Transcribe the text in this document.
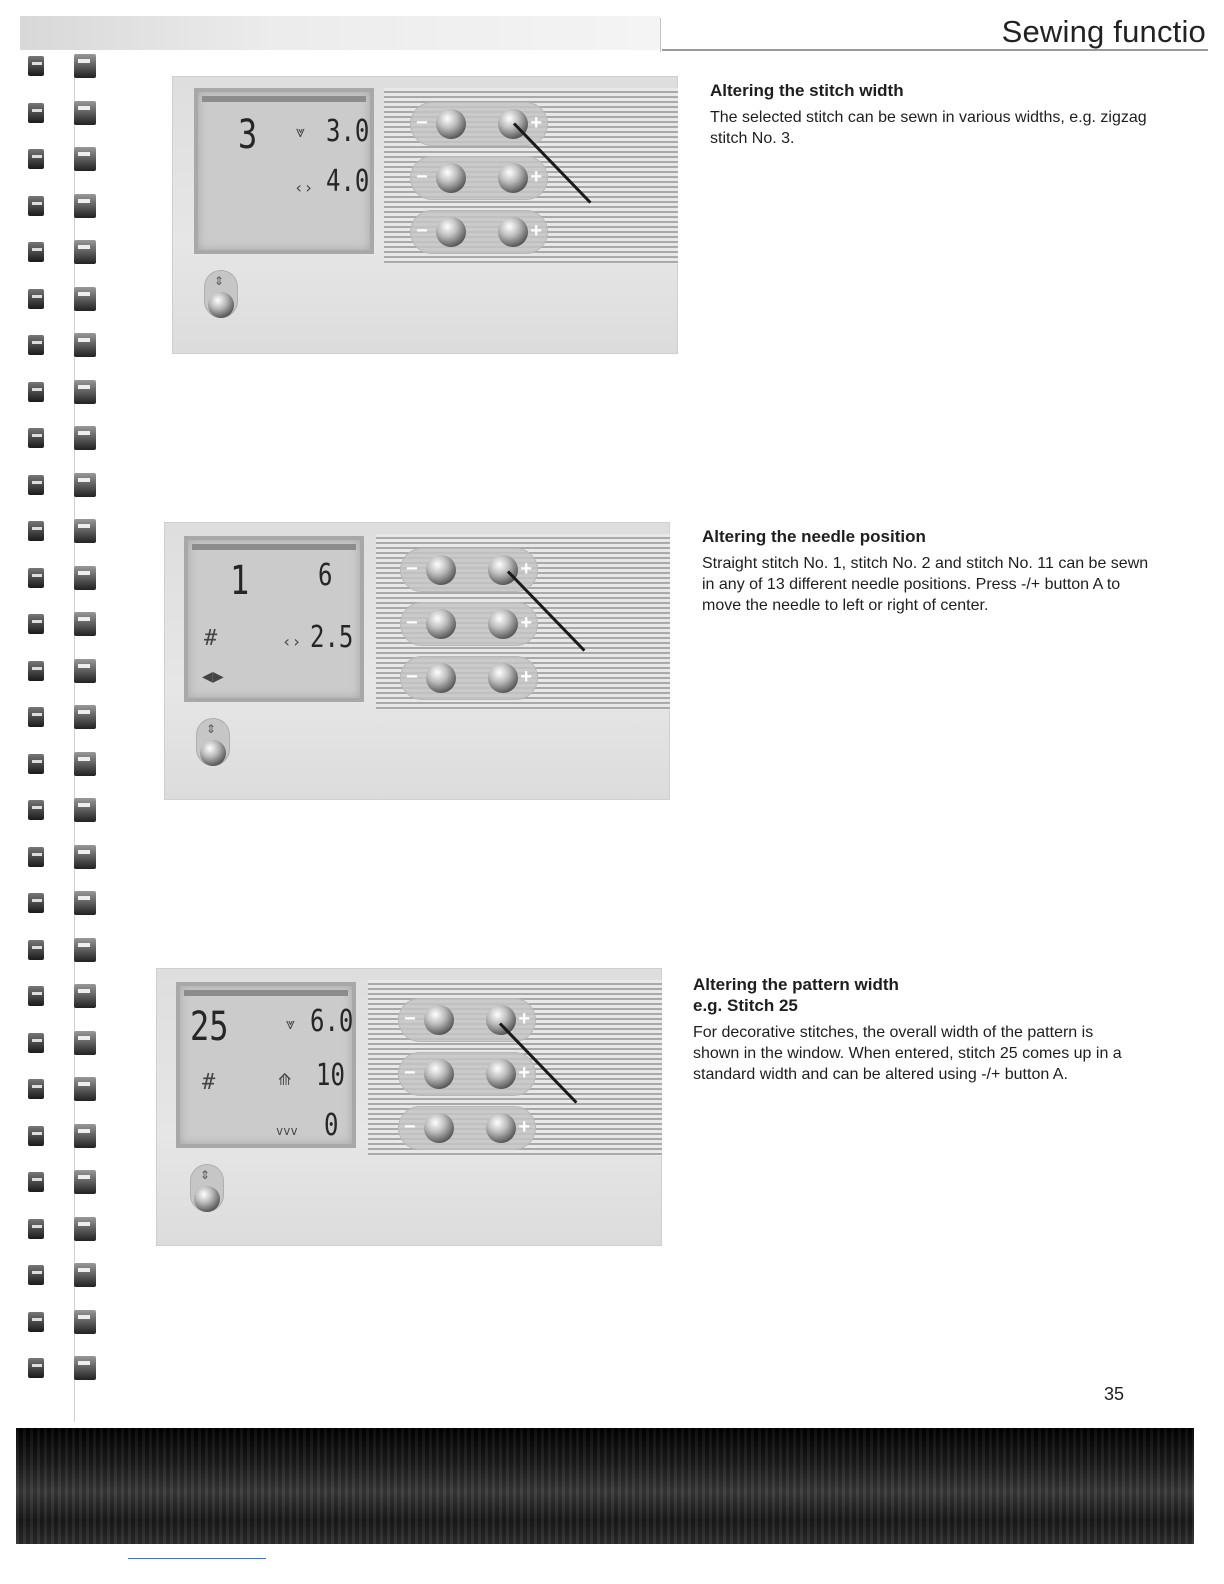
Sewing functio
3 ⩔ 3.0
‹› 4.0
−	+
−	+
−	+
⇕
Altering the stitch width

The selected stitch can be sewn in various widths, e.g. zigzag stitch No. 3.

1 6
#	‹› 2.5
◀▶
−	+
−	+
−	+
⇕
Altering the needle position

Straight stitch No. 1, stitch No. 2 and stitch No. 11 can be sewn in any of 13 different needle positions. Press -/+ button A to move the needle to left or right of center.

25	⩔ 6.0
#	⟰ 10
vvv 0
−	+
−	+
−	+
⇕
Altering the pattern width
e.g. Stitch 25

For decorative stitches, the overall width of the pattern is shown in the window. When entered, stitch 25 comes up in a standard width and can be altered using -/+ button A.

35
